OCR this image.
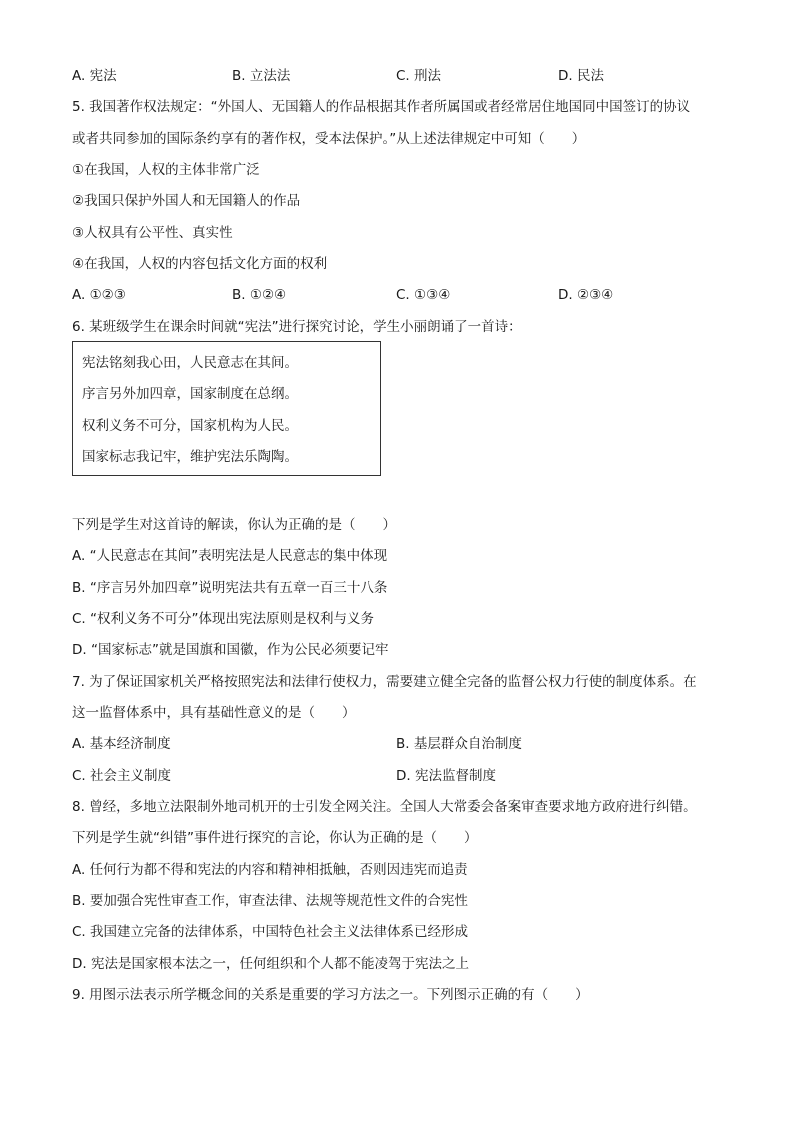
A. 宪法	B. 立法法	C. 刑法	D. 民法
5. 我国著作权法规定：“外国人、无国籍人的作品根据其作者所属国或者经常居住地国同中国签订的协议
或者共同参加的国际条约享有的著作权，受本法保护。”从上述法律规定中可知（　　）
①在我国，人权的主体非常广泛
②我国只保护外国人和无国籍人的作品
③人权具有公平性、真实性
④在我国，人权的内容包括文化方面的权利
A. ①②③	B. ①②④	C. ①③④	D. ②③④
6. 某班级学生在课余时间就“宪法”进行探究讨论，学生小丽朗诵了一首诗：
宪法铭刻我心田，人民意志在其间。
序言另外加四章，国家制度在总纲。
权利义务不可分，国家机构为人民。
国家标志我记牢，维护宪法乐陶陶。
下列是学生对这首诗的解读，你认为正确的是（　　）
A. “人民意志在其间”表明宪法是人民意志的集中体现
B. “序言另外加四章”说明宪法共有五章一百三十八条
C. “权利义务不可分”体现出宪法原则是权利与义务
D. “国家标志”就是国旗和国徽，作为公民必须要记牢
7. 为了保证国家机关严格按照宪法和法律行使权力，需要建立健全完备的监督公权力行使的制度体系。在
这一监督体系中，具有基础性意义的是（　　）
A. 基本经济制度	B. 基层群众自治制度
C. 社会主义制度	D. 宪法监督制度
8. 曾经，多地立法限制外地司机开的士引发全网关注。全国人大常委会备案审查要求地方政府进行纠错。
下列是学生就“纠错”事件进行探究的言论，你认为正确的是（　　）
A. 任何行为都不得和宪法的内容和精神相抵触，否则因违宪而追责
B. 要加强合宪性审查工作，审查法律、法规等规范性文件的合宪性
C. 我国建立完备的法律体系，中国特色社会主义法律体系已经形成
D. 宪法是国家根本法之一，任何组织和个人都不能凌驾于宪法之上
9. 用图示法表示所学概念间的关系是重要的学习方法之一。下列图示正确的有（　　）
